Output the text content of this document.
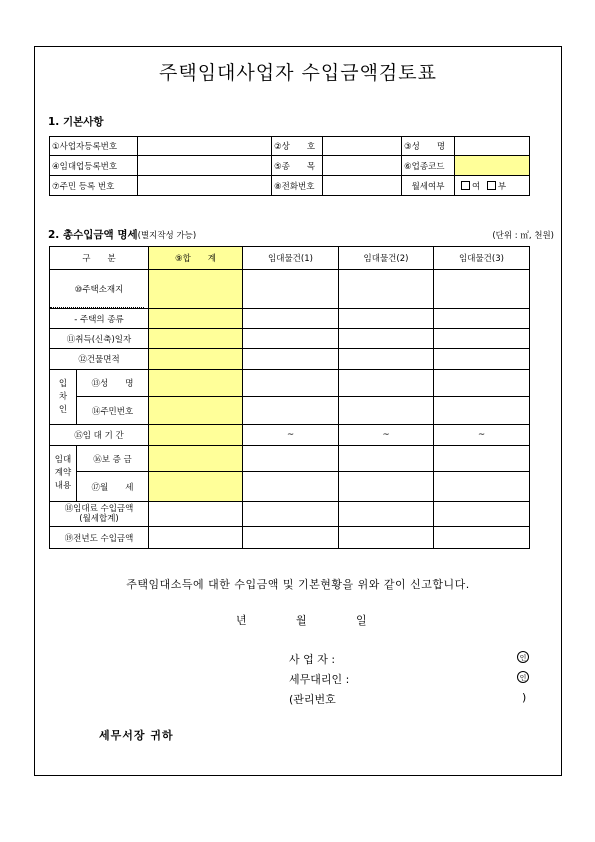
주택임대사업자 수입금액검토표
1. 기본사항
①사업자등록번호		②상　　호		③성　　명	
④임대업등록번호		⑤종　　목		⑥업종코드	
⑦주민 등록 번호		⑧전화번호		월세여부	여 부
2. 총수입금액 명세(별지작성 가능)	(단위 : ㎡, 천원)
구　　분		⑨합　　계	임대물건(1)	임대물건(2)	임대물건(3)
⑩주택소재지					
- 주택의 종류					
⑪취득(신축)일자					
⑫건물면적					
입
차
인	⑬성　　명				
	⑭주민번호				
⑮임 대 기 간			~	~	~
임대
계약
내용	⑯보 증 금				
	⑰월　　세				
⑱임대료 수입금액
(월세합계)					
⑲전년도 수입금액					
주택임대소득에 대한 수입금액 및 기본현황을 위와 같이 신고합니다.
년	월	일
사 업 자 :	인
세무대리인 :	인
(관리번호	)
세무서장 귀하
